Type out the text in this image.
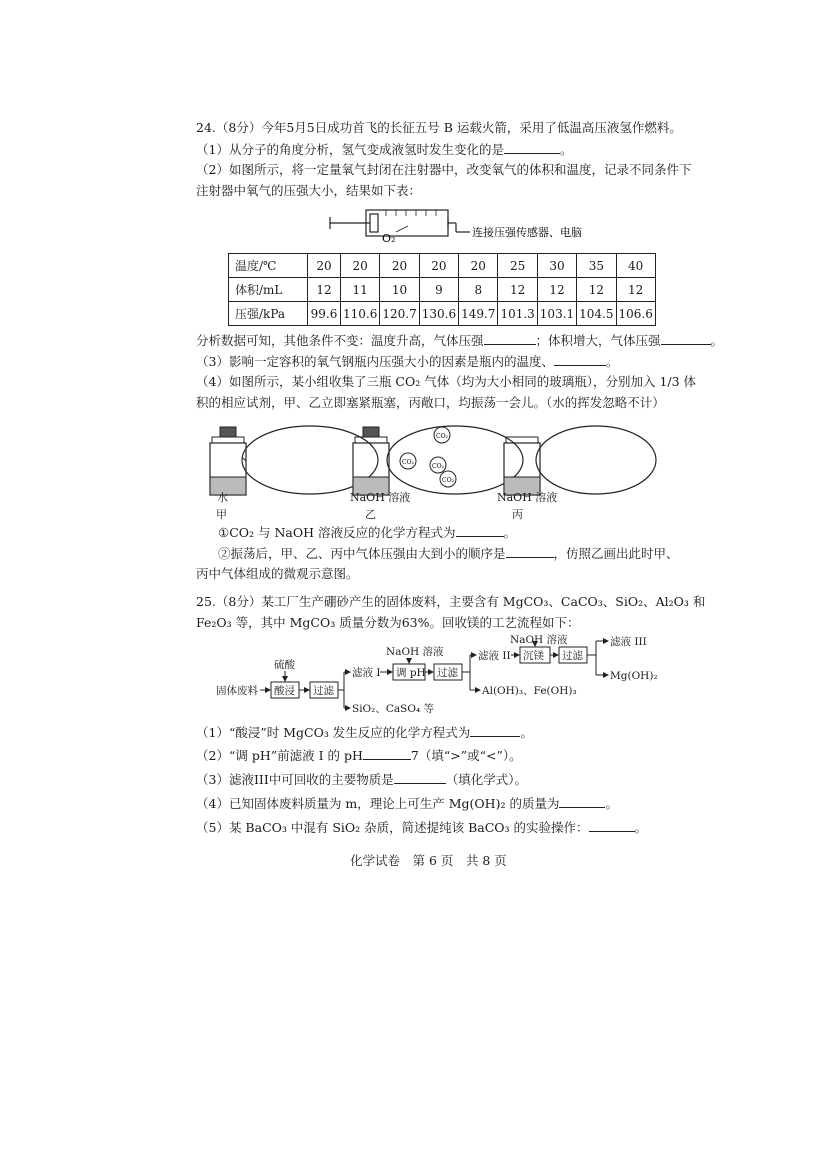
24.（8分）今年5月5日成功首飞的长征五号 B 运载火箭，采用了低温高压液氢作燃料。
（1）从分子的角度分析，氢气变成液氢时发生变化的是	。
（2）如图所示，将一定量氧气封闭在注射器中，改变氧气的体积和温度，记录不同条件下
注射器中氧气的压强大小，结果如下表：
O₂	连接压强传感器、电脑
温度/℃	20	20	20	20	20	25	30	35	40
体积/mL	12	11	10	9	8	12	12	12	12
压强/kPa	99.6	110.6	120.7	130.6	149.7	101.3	103.1	104.5	106.6
分析数据可知，其他条件不变：温度升高，气体压强	；体积增大，气体压强	。
（3）影响一定容积的氧气钢瓶内压强大小的因素是瓶内的温度、	。
（4）如图所示，某小组收集了三瓶 CO₂ 气体（均为大小相同的玻璃瓶），分别加入 1/3 体
积的相应试剂，甲、乙立即塞紧瓶塞，丙敞口，均振荡一会儿。（水的挥发忽略不计）
CO₂
CO₂
CO₂
CO₂
水
甲
NaOH 溶液
乙
NaOH 溶液
丙
①CO₂ 与 NaOH 溶液反应的化学方程式为	。
②振荡后，甲、乙、丙中气体压强由大到小的顺序是	，仿照乙画出此时甲、
丙中气体组成的微观示意图。
25.（8分）某工厂生产硼砂产生的固体废料，主要含有 MgCO₃、CaCO₃、SiO₂、Al₂O₃ 和
Fe₂O₃ 等，其中 MgCO₃ 质量分数为63%。回收镁的工艺流程如下：
固体废料
硫酸
酸浸 过滤
滤液 I
SiO₂、CaSO₄ 等
NaOH 溶液
调 pH 过滤
Al(OH)₃、Fe(OH)₃
滤液 II
NaOH 溶液
沉镁 过滤
滤液 III
Mg(OH)₂
（1）“酸浸”时 MgCO₃ 发生反应的化学方程式为	。
（2）“调 pH”前滤液 I 的 pH	7（填“>”或“<”）。
（3）滤液III中可回收的主要物质是	（填化学式）。
（4）已知固体废料质量为 m，理论上可生产 Mg(OH)₂ 的质量为	。
（5）某 BaCO₃ 中混有 SiO₂ 杂质，简述提纯该 BaCO₃ 的实验操作：	。
化学试卷　第 6 页　共 8 页
